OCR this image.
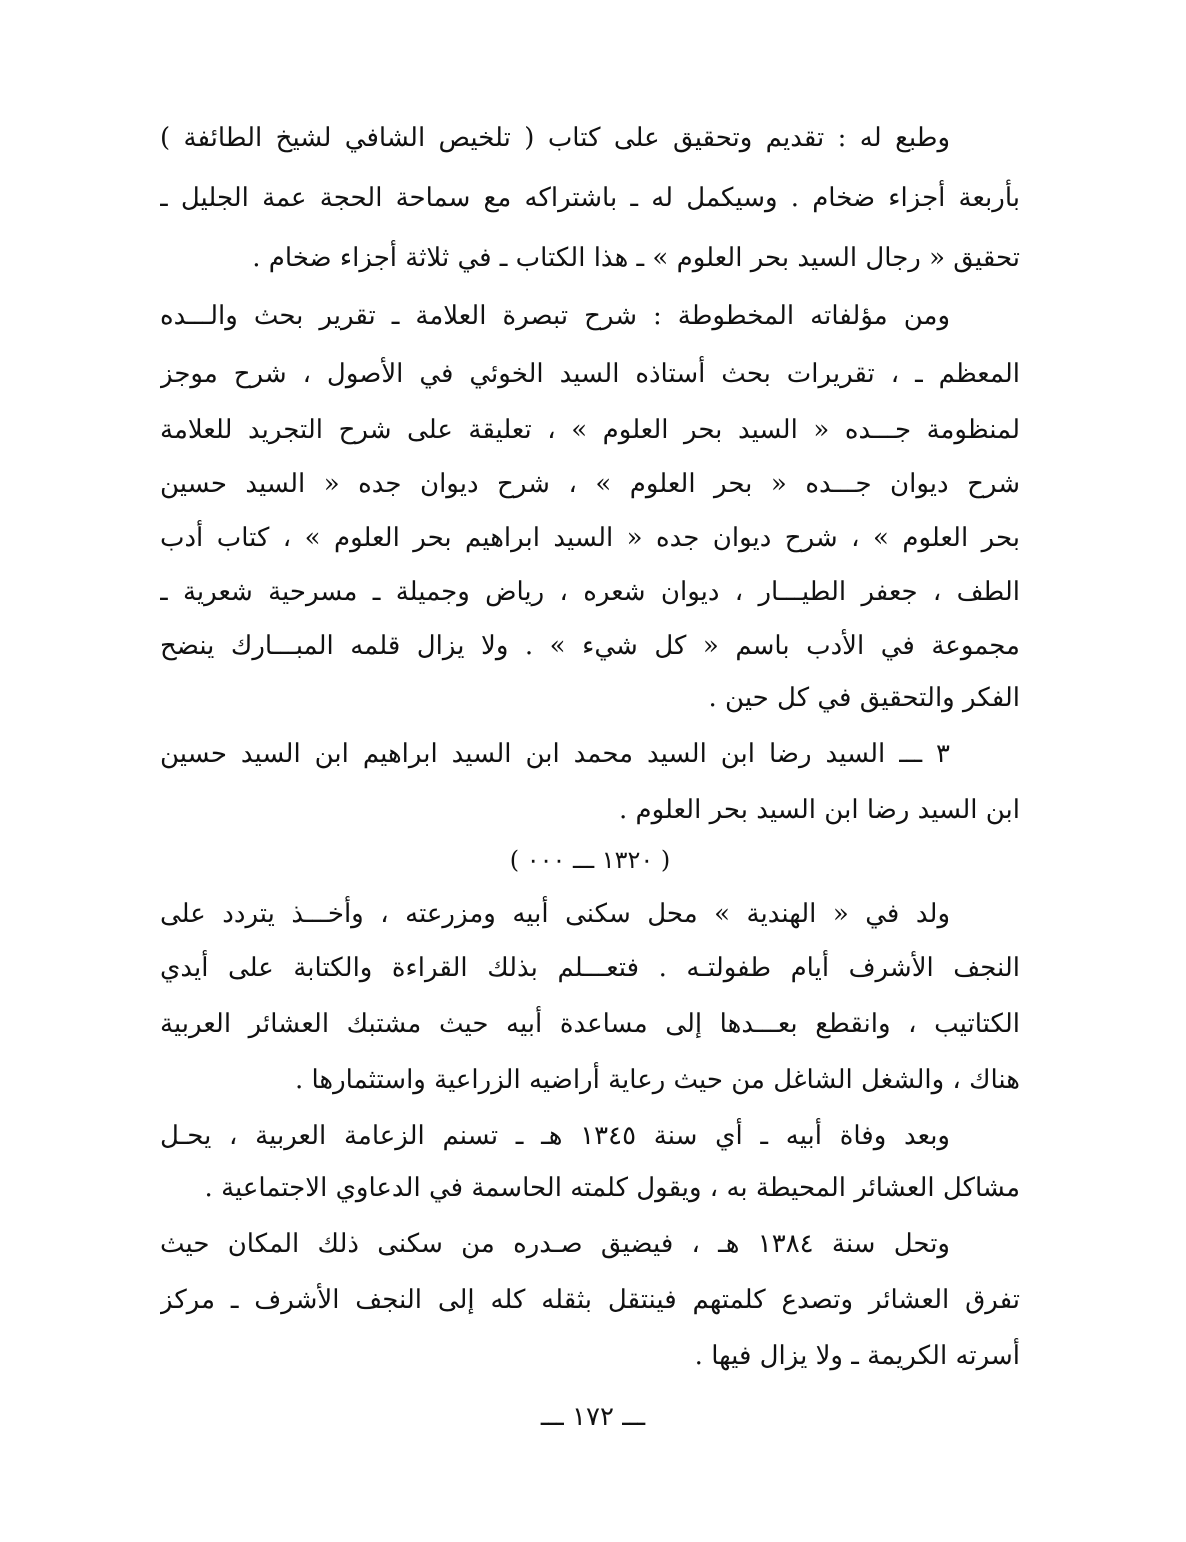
وطبع له : تقديم وتحقيق على كتاب ( تلخيص الشافي لشيخ الطائفة )
بأربعة أجزاء ضخام . وسيكمل له ـ باشتراكه مع سماحة الحجة عمة الجليل ـ
تحقيق « رجال السيد بحر العلوم » ـ هذا الكتاب ـ في ثلاثة أجزاء ضخام .
ومن مؤلفاته المخطوطة : شرح تبصرة العلامة ـ تقرير بحث والـــده
المعظم ـ ، تقريرات بحث أستاذه السيد الخوئي في الأصول ، شرح موجز
لمنظومة جـــده « السيد بحر العلوم » ، تعليقة على شرح التجريد للعلامة
شرح ديوان جـــده « بحر العلوم » ، شرح ديوان جده « السيد حسين
بحر العلوم » ، شرح ديوان جده « السيد ابراهيم بحر العلوم » ، كتاب أدب
الطف ، جعفر الطيـــار ، ديوان شعره ، رياض وجميلة ـ مسرحية شعرية ـ
مجموعة في الأدب باسم « كل شيء » . ولا يزال قلمه المبـــارك ينضح
الفكر والتحقيق في كل حين .
٣ ـــ السيد رضا ابن السيد محمد ابن السيد ابراهيم ابن السيد حسين
ابن السيد رضا ابن السيد بحر العلوم .
( ١٣٢٠ ـــ ٠٠٠ )
ولد في « الهندية » محل سكنى أبيه ومزرعته ، وأخـــذ يتردد على
النجف الأشرف أيام طفولتـه . فتعـــلم بذلك القراءة والكتابة على أيدي
الكتاتيب ، وانقطع بعـــدها إلى مساعدة أبيه حيث مشتبك العشائر العربية
هناك ، والشغل الشاغل من حيث رعاية أراضيه الزراعية واستثمارها .
وبعد وفاة أبيه ـ أي سنة ١٣٤٥ هـ ـ تسنم الزعامة العربية ، يحـل
مشاكل العشائر المحيطة به ، ويقول كلمته الحاسمة في الدعاوي الاجتماعية .
وتحل سنة ١٣٨٤ هـ ، فيضيق صـدره من سكنى ذلك المكان حيث
تفرق العشائر وتصدع كلمتهم فينتقل بثقله كله إلى النجف الأشرف ـ مركز
أسرته الكريمة ـ ولا يزال فيها .
ـــ ١٧٢ ـــ
